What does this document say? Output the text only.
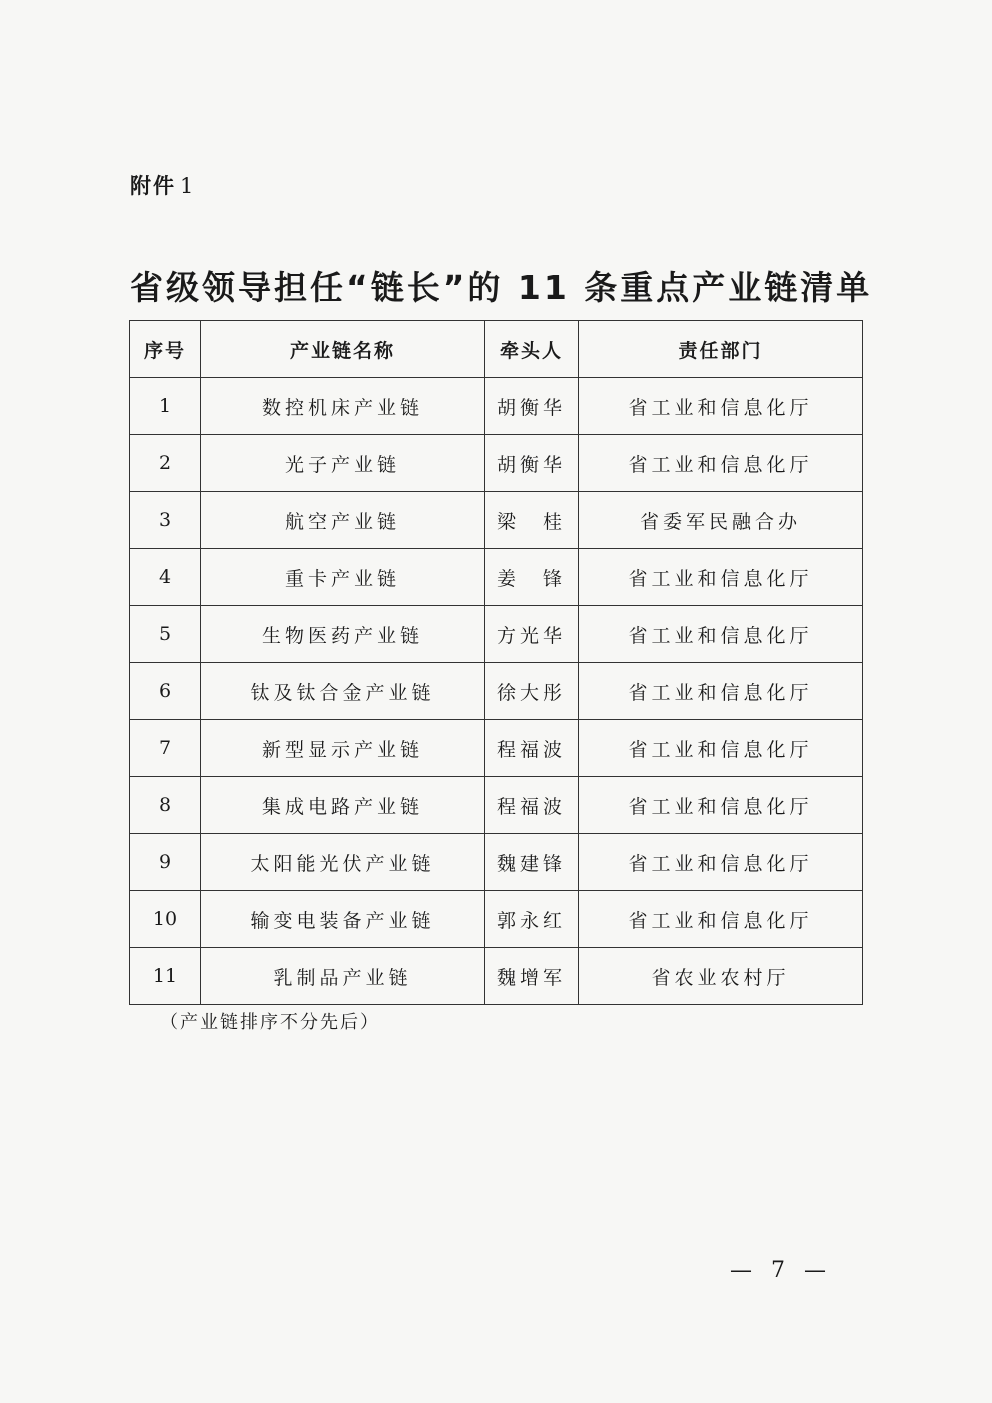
附件 1
省级领导担任“链长”的 11 条重点产业链清单
序号	产业链名称	牵头人	责任部门
1	数控机床产业链	胡衡华	省工业和信息化厅
2	光子产业链	胡衡华	省工业和信息化厅
3	航空产业链	梁　桂	省委军民融合办
4	重卡产业链	姜　锋	省工业和信息化厅
5	生物医药产业链	方光华	省工业和信息化厅
6	钛及钛合金产业链	徐大彤	省工业和信息化厅
7	新型显示产业链	程福波	省工业和信息化厅
8	集成电路产业链	程福波	省工业和信息化厅
9	太阳能光伏产业链	魏建锋	省工业和信息化厅
10	输变电装备产业链	郭永红	省工业和信息化厅
11	乳制品产业链	魏增军	省农业农村厅
（产业链排序不分先后）
— 7 —
